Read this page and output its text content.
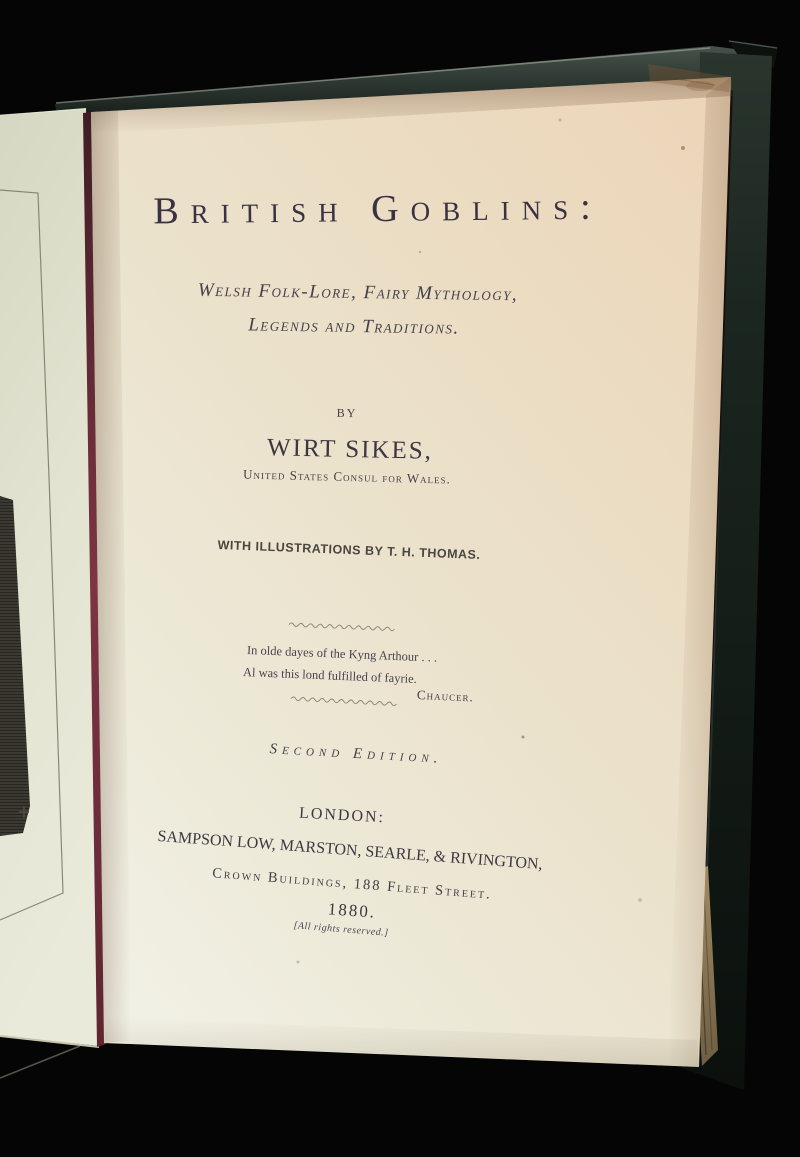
British Goblins:
Welsh Folk-Lore, Fairy Mythology,
Legends and Traditions.
BY
WIRT SIKES,
United States Consul for Wales.
WITH ILLUSTRATIONS BY T. H. THOMAS.
In olde dayes of the Kyng Arthour . . .
Al was this lond fulfilled of fayrie.
Chaucer.
Second Edition.
LONDON:
SAMPSON LOW, MARSTON, SEARLE, & RIVINGTON,
Crown Buildings, 188 Fleet Street.
1880.
[All rights reserved.]
